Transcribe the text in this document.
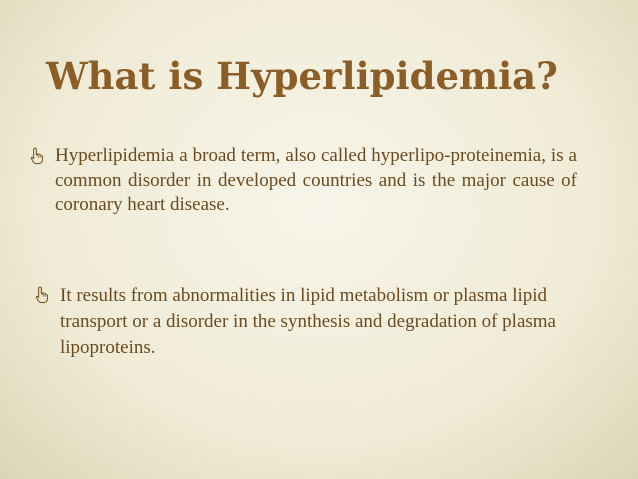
What is Hyperlipidemia?
Hyperlipidemia a broad term, also called hyperlipo-proteinemia, is a common disorder in developed countries and is the major cause of coronary heart disease.
It results from abnormalities in lipid metabolism or plasma lipid transport or a disorder in the synthesis and degradation of plasma lipoproteins.
